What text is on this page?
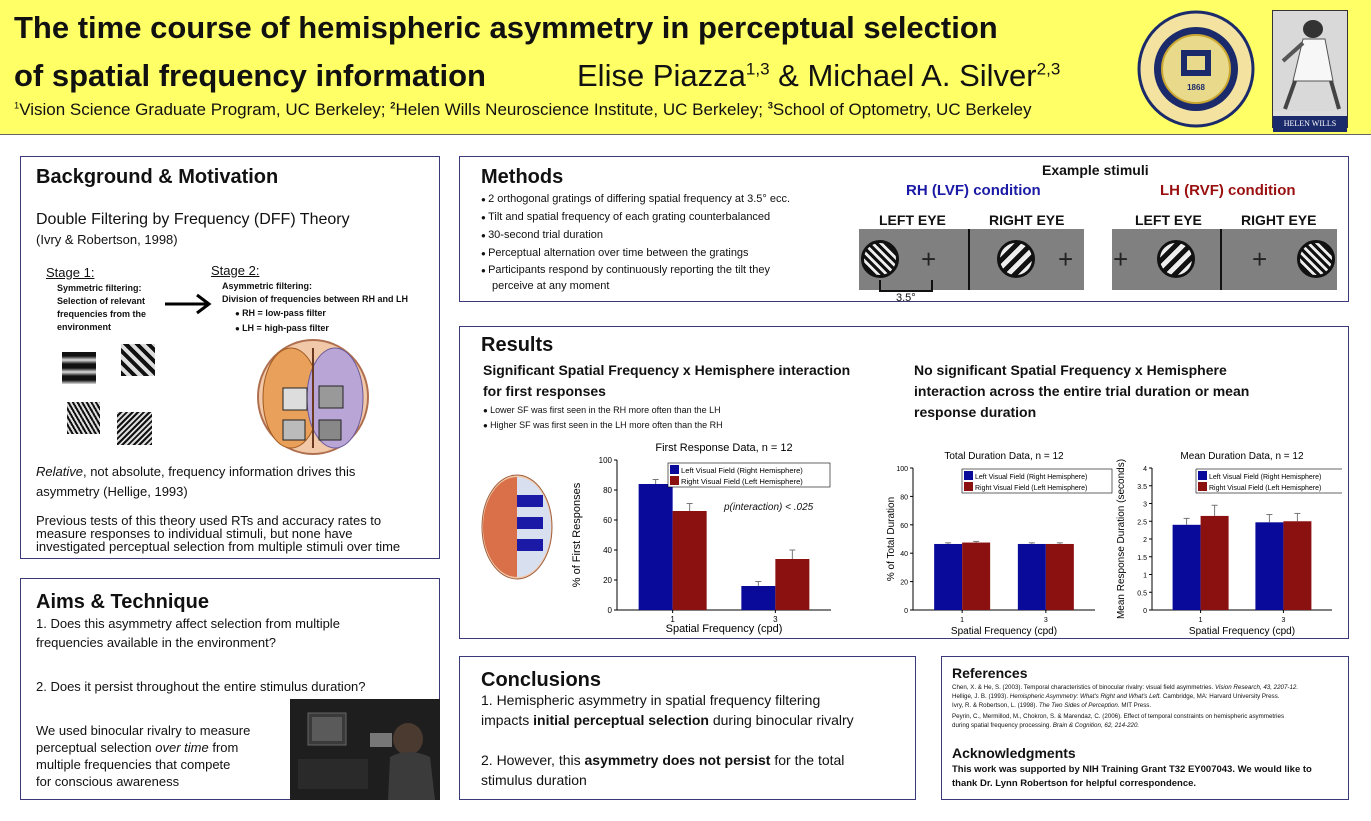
The time course of hemispheric asymmetry in perceptual selection
of spatial frequency information	Elise Piazza$^{1,3}$ & Michael A. Silver$^{2,3}$
$^1$Vision Science Graduate Program, UC Berkeley; $^2$Helen Wills Neuroscience Institute, UC Berkeley; $^3$School of Optometry, UC Berkeley
1868
HELEN WILLS
Background & Motivation
Double Filtering by Frequency (DFF) Theory
(Ivry & Robertson, 1998)
Stage 1:
Symmetric filtering:
Selection of relevant
frequencies from the
environment
Stage 2:
Asymmetric filtering:
Division of frequencies between RH and LH
● RH = low-pass filter
● LH = high-pass filter
Relative, not absolute, frequency information drives this
asymmetry (Hellige, 1993)
Previous tests of this theory used RTs and accuracy rates to
measure responses to individual stimuli, but none have
investigated perceptual selection from multiple stimuli over time
Aims & Technique
1. Does this asymmetry affect selection from multiple
frequencies available in the environment?
2. Does it persist throughout the entire stimulus duration?
We used binocular rivalry to measure
perceptual selection over time from
multiple frequencies that compete
for conscious awareness
Methods
● 2 orthogonal gratings of differing spatial frequency at 3.5° ecc.
● Tilt and spatial frequency of each grating counterbalanced
● 30-second trial duration
● Perceptual alternation over time between the gratings
● Participants respond by continuously reporting the tilt they
perceive at any moment
Example stimuli
RH (LVF) condition	LH (RVF) condition
LEFT EYE	RIGHT EYE	LEFT EYE	RIGHT EYE
+	+ +	+
3.5°
Results
Significant Spatial Frequency x Hemisphere interaction
for first responses
● Lower SF was first seen in the RH more often than the LH
● Higher SF was first seen in the LH more often than the RH
No significant Spatial Frequency x Hemisphere
interaction across the entire trial duration or mean
response duration
First Response Data, n = 12
0
20
40
60
80
100
% of First Responses
Spatial Frequency (cpd)
1	3
Left Visual Field (Right Hemisphere)
Right Visual Field (Left Hemisphere)
Total Duration Data, n = 12
0
20
40
60
80
100
% of Total Duration
Spatial Frequency (cpd)
1	3
Left Visual Field (Right Hemisphere)
Right Visual Field (Left Hemisphere)
Mean Duration Data, n = 12
0
0.5
1
1.5
2
2.5
3
3.5
4
Mean Response Duration (seconds)
Spatial Frequency (cpd)
1	3
Left Visual Field (Right Hemisphere)
Right Visual Field (Left Hemisphere)
p(interaction) < .025
Conclusions
1. Hemispheric asymmetry in spatial frequency filtering
impacts initial perceptual selection during binocular rivalry
2. However, this asymmetry does not persist for the total
stimulus duration
References
Chen, X. & He, S. (2003). Temporal characteristics of binocular rivalry: visual field asymmetries. Vision Research, 43, 2207-12.
Hellige, J. B. (1993). Hemispheric Asymmetry: What's Right and What's Left. Cambridge, MA: Harvard University Press.
Ivry, R. & Robertson, L. (1998). The Two Sides of Perception. MIT Press.
Peyrin, C., Mermillod, M., Chokron, S. & Marendaz, C. (2006). Effect of temporal constraints on hemispheric asymmetries
during spatial frequency processing. Brain & Cognition, 62, 214-220.
Acknowledgments
This work was supported by NIH Training Grant T32 EY007043. We would like to
thank Dr. Lynn Robertson for helpful correspondence.
